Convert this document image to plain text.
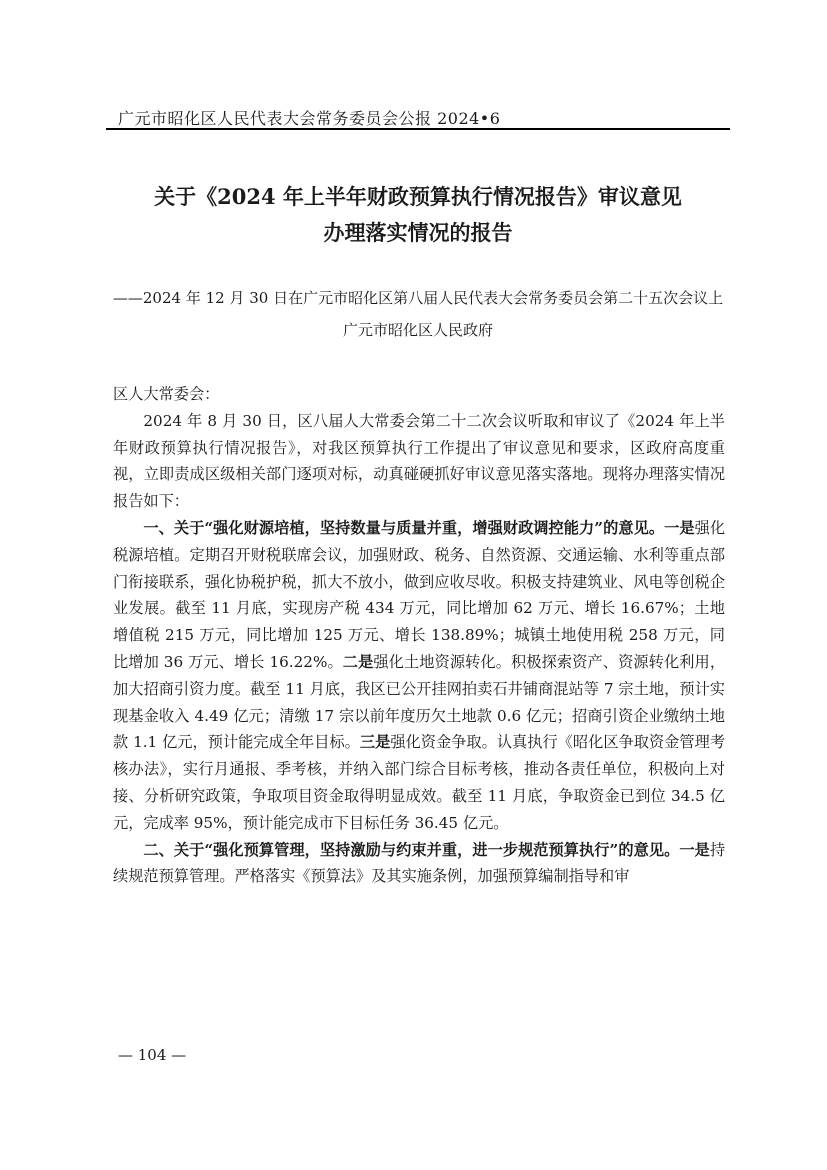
广元市昭化区人民代表大会常务委员会公报 2024•6
关于《2024 年上半年财政预算执行情况报告》审议意见
办理落实情况的报告
——2024 年 12 月 30 日在广元市昭化区第八届人民代表大会常务委员会第二十五次会议上
广元市昭化区人民政府

区人大常委会：

2024 年 8 月 30 日，区八届人大常委会第二十二次会议听取和审议了《2024 年上半年财政预算执行情况报告》，对我区预算执行工作提出了审议意见和要求，区政府高度重视，立即责成区级相关部门逐项对标，动真碰硬抓好审议意见落实落地。现将办理落实情况报告如下：

一、关于“强化财源培植，坚持数量与质量并重，增强财政调控能力”的意见。一是强化税源培植。定期召开财税联席会议，加强财政、税务、自然资源、交通运输、水利等重点部门衔接联系，强化协税护税，抓大不放小，做到应收尽收。积极支持建筑业、风电等创税企业发展。截至 11 月底，实现房产税 434 万元，同比增加 62 万元、增长 16.67%；土地增值税 215 万元，同比增加 125 万元、增长 138.89%；城镇土地使用税 258 万元，同比增加 36 万元、增长 16.22%。二是强化土地资源转化。积极探索资产、资源转化利用，加大招商引资力度。截至 11 月底，我区已公开挂网拍卖石井铺商混站等 7 宗土地，预计实现基金收入 4.49 亿元；清缴 17 宗以前年度历欠土地款 0.6 亿元；招商引资企业缴纳土地款 1.1 亿元，预计能完成全年目标。三是强化资金争取。认真执行《昭化区争取资金管理考核办法》，实行月通报、季考核，并纳入部门综合目标考核，推动各责任单位，积极向上对接、分析研究政策，争取项目资金取得明显成效。截至 11 月底，争取资金已到位 34.5 亿元，完成率 95%，预计能完成市下目标任务 36.45 亿元。

二、关于“强化预算管理，坚持激励与约束并重，进一步规范预算执行”的意见。一是持续规范预算管理。严格落实《预算法》及其实施条例，加强预算编制指导和审

— 104 —
